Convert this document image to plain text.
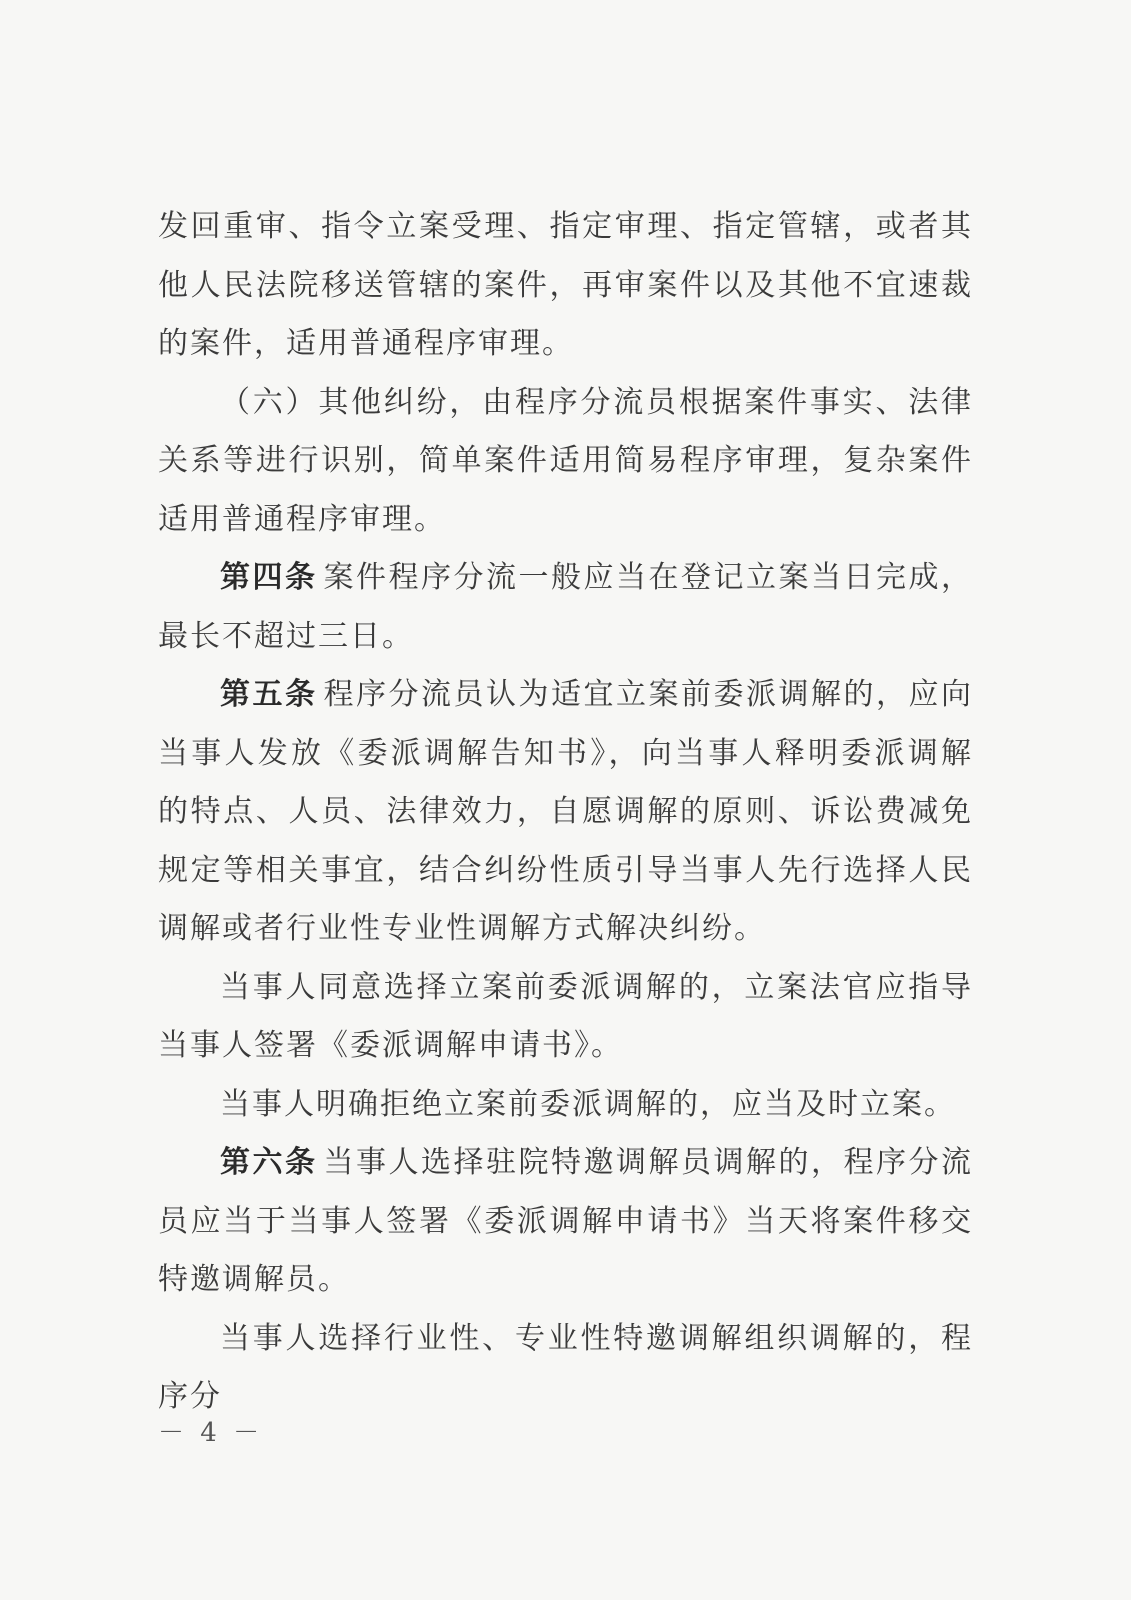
发回重审、指令立案受理、指定审理、指定管辖，或者其他人民法院移送管辖的案件，再审案件以及其他不宜速裁的案件，适用普通程序审理。

（六）其他纠纷，由程序分流员根据案件事实、法律关系等进行识别，简单案件适用简易程序审理，复杂案件适用普通程序审理。

第四条 案件程序分流一般应当在登记立案当日完成，最长不超过三日。

第五条 程序分流员认为适宜立案前委派调解的，应向当事人发放《委派调解告知书》，向当事人释明委派调解的特点、人员、法律效力，自愿调解的原则、诉讼费减免规定等相关事宜，结合纠纷性质引导当事人先行选择人民调解或者行业性专业性调解方式解决纠纷。

当事人同意选择立案前委派调解的，立案法官应指导当事人签署《委派调解申请书》。

当事人明确拒绝立案前委派调解的，应当及时立案。

第六条 当事人选择驻院特邀调解员调解的，程序分流员应当于当事人签署《委派调解申请书》当天将案件移交特邀调解员。

当事人选择行业性、专业性特邀调解组织调解的，程序分

－ 4 －
